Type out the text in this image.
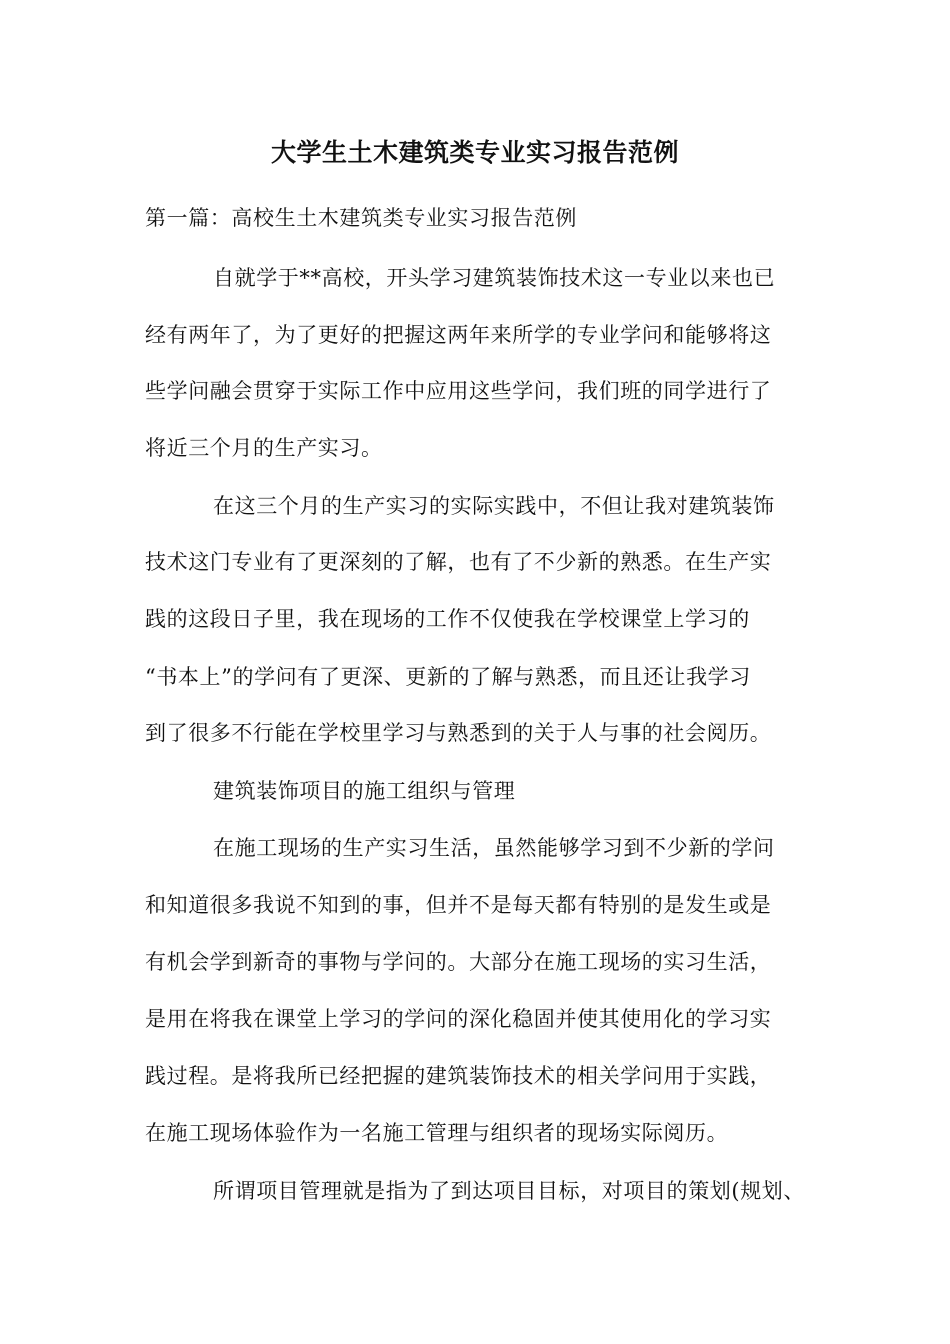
大学生土木建筑类专业实习报告范例
第一篇：高校生土木建筑类专业实习报告范例
自就学于**高校，开头学习建筑装饰技术这一专业以来也已
经有两年了，为了更好的把握这两年来所学的专业学问和能够将这
些学问融会贯穿于实际工作中应用这些学问，我们班的同学进行了
将近三个月的生产实习。
在这三个月的生产实习的实际实践中，不但让我对建筑装饰
技术这门专业有了更深刻的了解，也有了不少新的熟悉。在生产实
践的这段日子里，我在现场的工作不仅使我在学校课堂上学习的
“书本上”的学问有了更深、更新的了解与熟悉，而且还让我学习
到了很多不行能在学校里学习与熟悉到的关于人与事的社会阅历。
建筑装饰项目的施工组织与管理
在施工现场的生产实习生活，虽然能够学习到不少新的学问
和知道很多我说不知到的事，但并不是每天都有特别的是发生或是
有机会学到新奇的事物与学问的。大部分在施工现场的实习生活，
是用在将我在课堂上学习的学问的深化稳固并使其使用化的学习实
践过程。是将我所已经把握的建筑装饰技术的相关学问用于实践，
在施工现场体验作为一名施工管理与组织者的现场实际阅历。
所谓项目管理就是指为了到达项目目标，对项目的策划(规划、
